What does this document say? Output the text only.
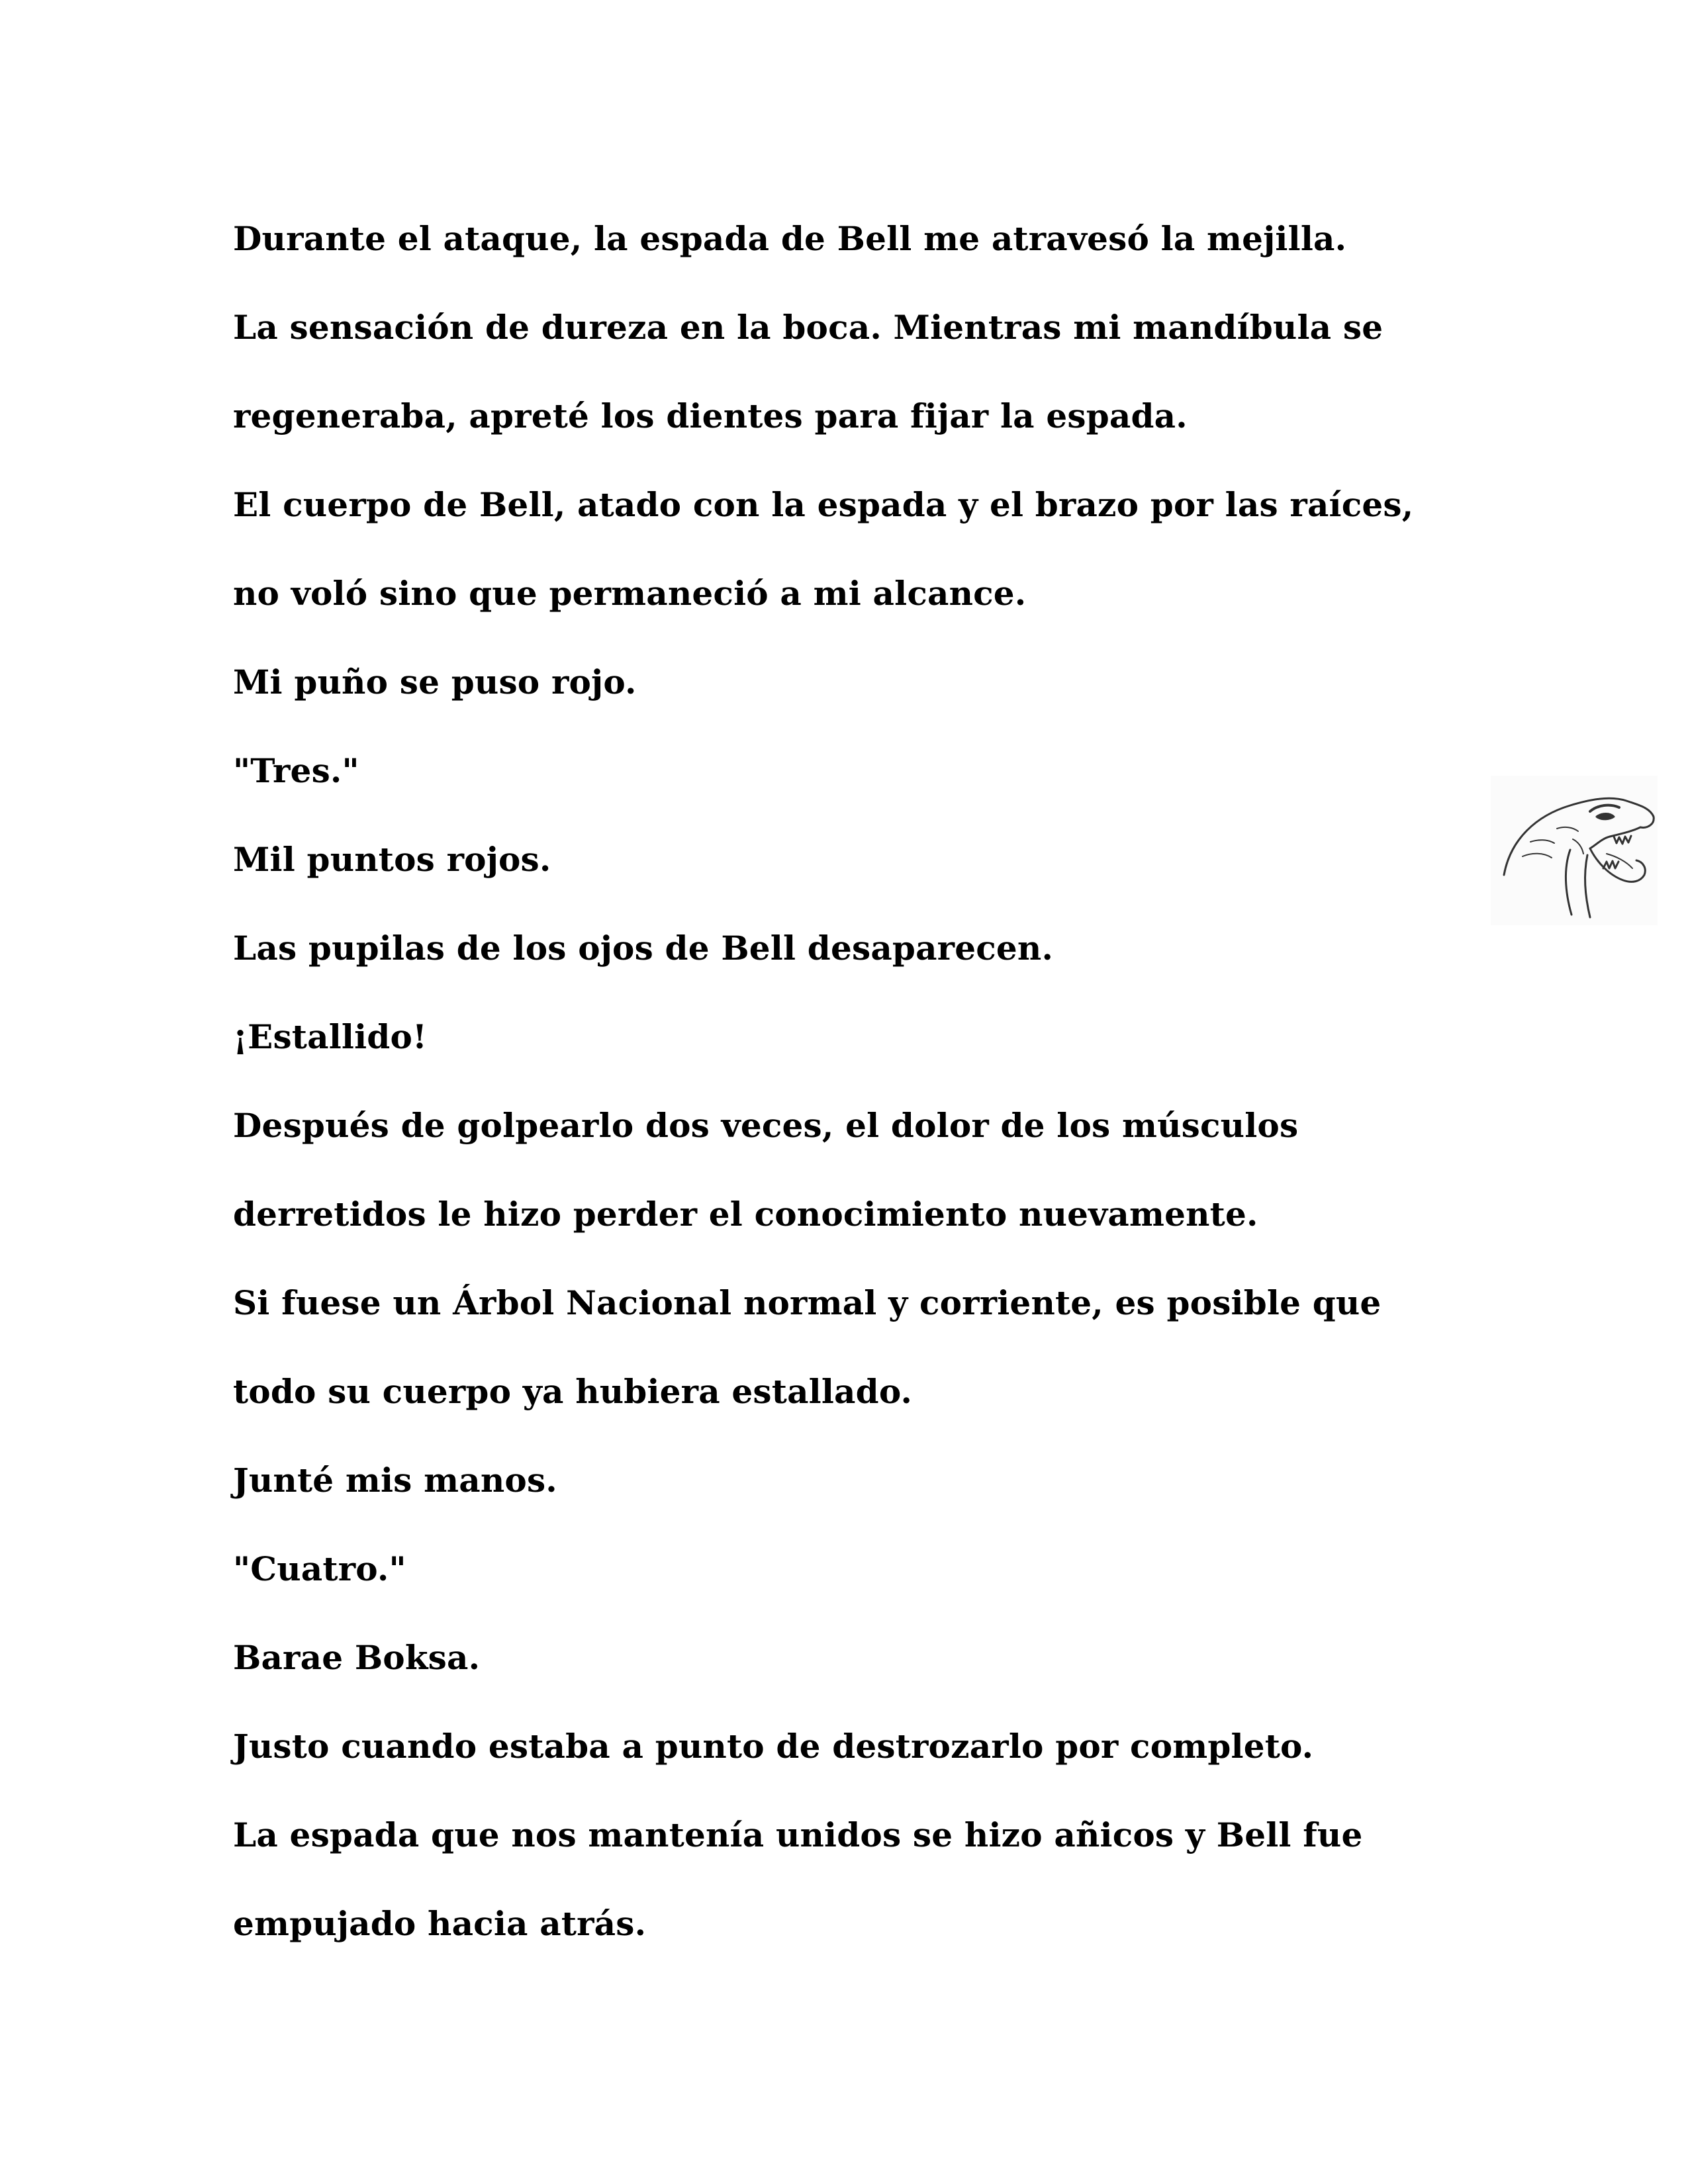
Durante el ataque, la espada de Bell me atravesó la mejilla.
La sensación de dureza en la boca. Mientras mi mandíbula se
regeneraba, apreté los dientes para fijar la espada.
El cuerpo de Bell, atado con la espada y el brazo por las raíces,
no voló sino que permaneció a mi alcance.
Mi puño se puso rojo.
"Tres."
Mil puntos rojos.
Las pupilas de los ojos de Bell desaparecen.
¡Estallido!
Después de golpearlo dos veces, el dolor de los músculos
derretidos le hizo perder el conocimiento nuevamente.
Si fuese un Árbol Nacional normal y corriente, es posible que
todo su cuerpo ya hubiera estallado.
Junté mis manos.
"Cuatro."
Barae Boksa.
Justo cuando estaba a punto de destrozarlo por completo.
La espada que nos mantenía unidos se hizo añicos y Bell fue
empujado hacia atrás.
